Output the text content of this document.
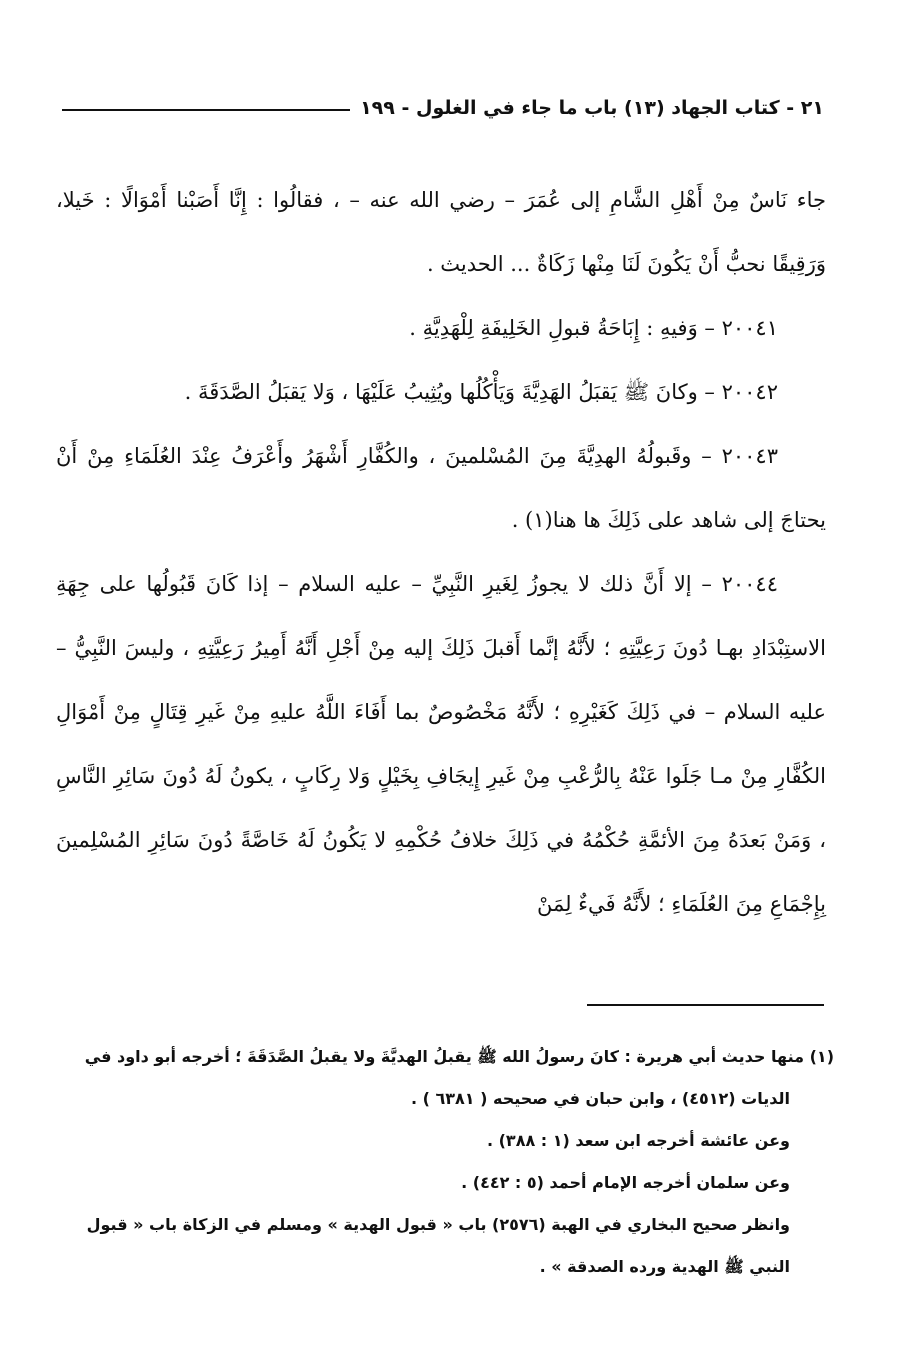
٢١ - كتاب الجهاد (١٣) باب ما جاء في الغلول - ١٩٩

جاء نَاسٌ مِنْ أَهْلِ الشَّامِ إلى عُمَرَ – رضي الله عنه – ، فقالُوا : إِنَّا أَصَبْنا أَمْوَالًا : خَيلا، وَرَقِيقًا نحبُّ أَنْ يَكُونَ لَنَا مِنْها زَكَاةٌ ... الحديث .

٢٠٠٤١ – وَفيهِ : إِبَاحَةُ قبولِ الخَلِيفَةِ لِلْهَدِيَّةِ .

٢٠٠٤٢ – وكانَ ﷺ يَقبَلُ الهَدِيَّةَ وَيَأْكُلُها ويُثِيبُ عَلَيْهَا ، وَلا يَقبَلُ الصَّدَقَةَ .

٢٠٠٤٣ – وقَبولُهُ الهدِيَّةَ مِنَ المُسْلمينَ ، والكُفَّارِ أَشْهَرُ وأَعْرَفُ عِنْدَ العُلَمَاءِ مِنْ أَنْ يحتاجَ إلى شاهد على ذَلِكَ ها هنا(١) .

٢٠٠٤٤ – إلا أَنَّ ذلك لا يجوزُ لِغَيرِ النَّبِيِّ – عليه السلام – إذا كَانَ قَبُولُها على جِهَةِ الاستِبْدَادِ بهـا دُونَ رَعِيَّتِهِ ؛ لأَنَّهُ إنَّما أَقبلَ ذَلِكَ إليه مِنْ أَجْلِ أَنَّهُ أَمِيرُ رَعِيَّتِهِ ، وليسَ النَّبِيُّ – عليه السلام – في ذَلِكَ كَغَيْرِهِ ؛ لأَنَّهُ مَخْصُوصٌ بما أَفَاءَ اللَّهُ عليهِ مِنْ غَيرِ قِتَالٍ مِنْ أَمْوَالِ الكُفَّارِ مِنْ مـا جَلَوا عَنْهُ بِالرُّعْبِ مِنْ غَيرِ إِيجَافِ بِخَيْلٍ وَلا رِكَابٍ ، يكونُ لَهُ دُونَ سَائِرِ النَّاسِ ، وَمَنْ بَعدَهُ مِنَ الأئمَّةِ حُكْمُهُ في ذَلِكَ خلافُ حُكْمِهِ لا يَكُونُ لَهُ خَاصَّةً دُونَ سَائِرِ المُسْلِمينَ بِإِجْمَاعِ مِنَ العُلَمَاءِ ؛ لأَنَّهُ فَيءٌ لِمَنْ

(١) منها حديث أبي هريرة : كانَ رسولُ الله ﷺ يقبلُ الهديَّةَ ولا يقبلُ الصَّدَقَةَ ؛ أخرجه أبو داود في الديات (٤٥١٢) ، وابن حبان في صحيحه ( ٦٣٨١ ) .

وعن عائشة أخرجه ابن سعد (١ : ٣٨٨) .

وعن سلمان أخرجه الإمام أحمد (٥ : ٤٤٢) .

وانظر صحيح البخاري في الهبة (٢٥٧٦) باب « قبول الهدية » ومسلم في الزكاة باب « قبول النبي ﷺ الهدية ورده الصدقة » .
